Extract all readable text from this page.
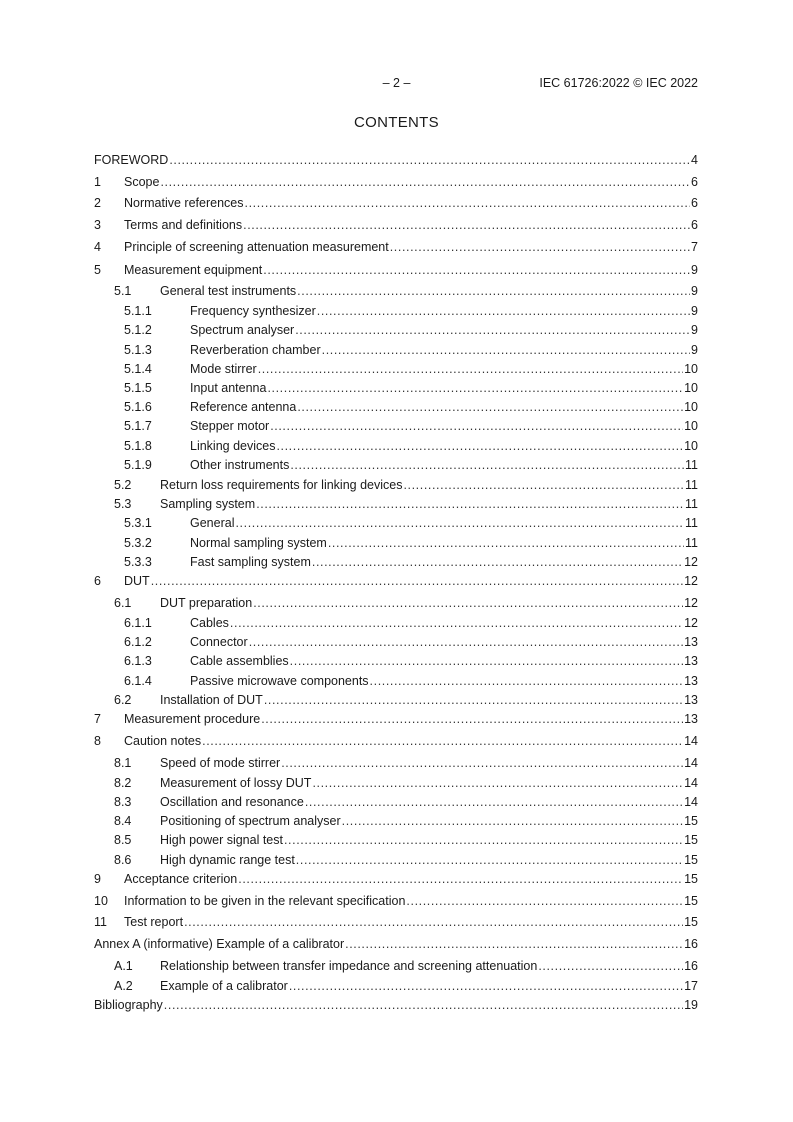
– 2 –	IEC 61726:2022 © IEC 2022
CONTENTS
FOREWORD .....	4
1 Scope .....	6
2 Normative references .....	6
3 Terms and definitions .....	6
4 Principle of screening attenuation measurement .....	7
5 Measurement equipment .....	9
5.1 General test instruments .....	9
5.1.1	Frequency synthesizer .....	9
5.1.2	Spectrum analyser .....	9
5.1.3	Reverberation chamber .....	9
5.1.4	Mode stirrer .....	10
5.1.5	Input antenna .....	10
5.1.6	Reference antenna .....	10
5.1.7	Stepper motor .....	10
5.1.8	Linking devices .....	10
5.1.9	Other instruments .....	11
5.2 Return loss requirements for linking devices .....	11
5.3 Sampling system .....	11
5.3.1	General .....	11
5.3.2	Normal sampling system .....	11
5.3.3	Fast sampling system .....	12
6 DUT .....	12
6.1 DUT preparation .....	12
6.1.1	Cables .....	12
6.1.2	Connector .....	13
6.1.3	Cable assemblies .....	13
6.1.4	Passive microwave components .....	13
6.2 Installation of DUT .....	13
7 Measurement procedure .....	13
8 Caution notes .....	14
8.1 Speed of mode stirrer .....	14
8.2 Measurement of lossy DUT .....	14
8.3 Oscillation and resonance .....	14
8.4 Positioning of spectrum analyser .....	15
8.5 High power signal test .....	15
8.6 High dynamic range test .....	15
9 Acceptance criterion .....	15
10 Information to be given in the relevant specification .....	15
11 Test report .....	15
Annex A (informative) Example of a calibrator .....	16
A.1 Relationship between transfer impedance and screening attenuation .....	16
A.2 Example of a calibrator .....	17
Bibliography .....	19
